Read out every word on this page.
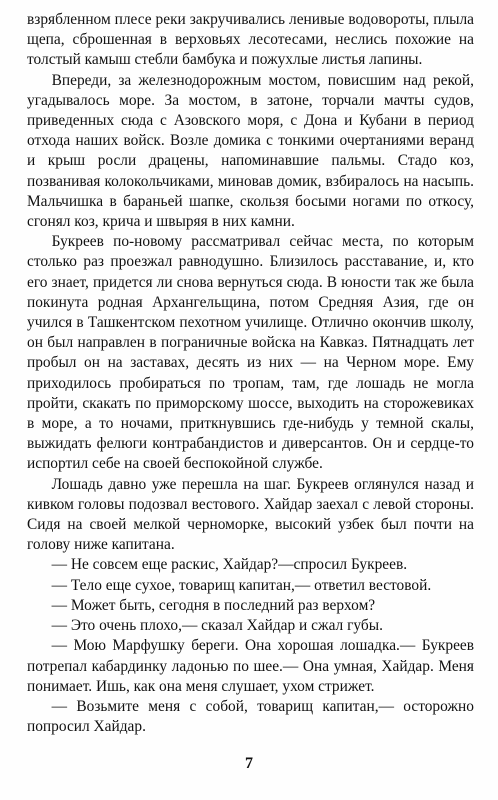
взрябленном плесе реки закручивались ленивые водовороты, плыла щепа, сброшенная в верховьях лесотесами, неслись похожие на толстый камыш стебли бамбука и пожухлые листья лапины.

Впереди, за железнодорожным мостом, повисшим над рекой, угадывалось море. За мостом, в затоне, торчали мачты судов, приведенных сюда с Азовского моря, с Дона и Кубани в период отхода наших войск. Возле домика с тонкими очертаниями веранд и крыш росли драцены, напоминавшие пальмы. Стадо коз, позванивая колокольчиками, миновав домик, взбиралось на насыпь. Мальчишка в бараньей шапке, скользя босыми ногами по откосу, сгонял коз, крича и швыряя в них камни.

Букреев по-новому рассматривал сейчас места, по которым столько раз проезжал равнодушно. Близилось расставание, и, кто его знает, придется ли снова вернуться сюда. В юности так же была покинута родная Архангельщина, потом Средняя Азия, где он учился в Ташкентском пехотном училище. Отлично окончив школу, он был направлен в пограничные войска на Кавказ. Пятнадцать лет пробыл он на заставах, десять из них — на Черном море. Ему приходилось пробираться по тропам, там, где лошадь не могла пройти, скакать по приморскому шоссе, выходить на сторожевиках в море, а то ночами, приткнувшись где-нибудь у темной скалы, выжидать фелюги контрабандистов и диверсантов. Он и сердце-то испортил себе на своей беспокойной службе.

Лошадь давно уже перешла на шаг. Букреев оглянулся назад и кивком головы подозвал вестового. Хайдар заехал с левой стороны. Сидя на своей мелкой черноморке, высокий узбек был почти на голову ниже капитана.

— Не совсем еще раскис, Хайдар?—спросил Букреев.

— Тело еще сухое, товарищ капитан,— ответил вестовой.

— Может быть, сегодня в последний раз верхом?

— Это очень плохо,— сказал Хайдар и сжал губы.

— Мою Марфушку береги. Она хорошая лошадка.— Букреев потрепал кабардинку ладонью по шее.— Она умная, Хайдар. Меня понимает. Ишь, как она меня слушает, ухом стрижет.

— Возьмите меня с собой, товарищ капитан,— осторожно попросил Хайдар.

7
